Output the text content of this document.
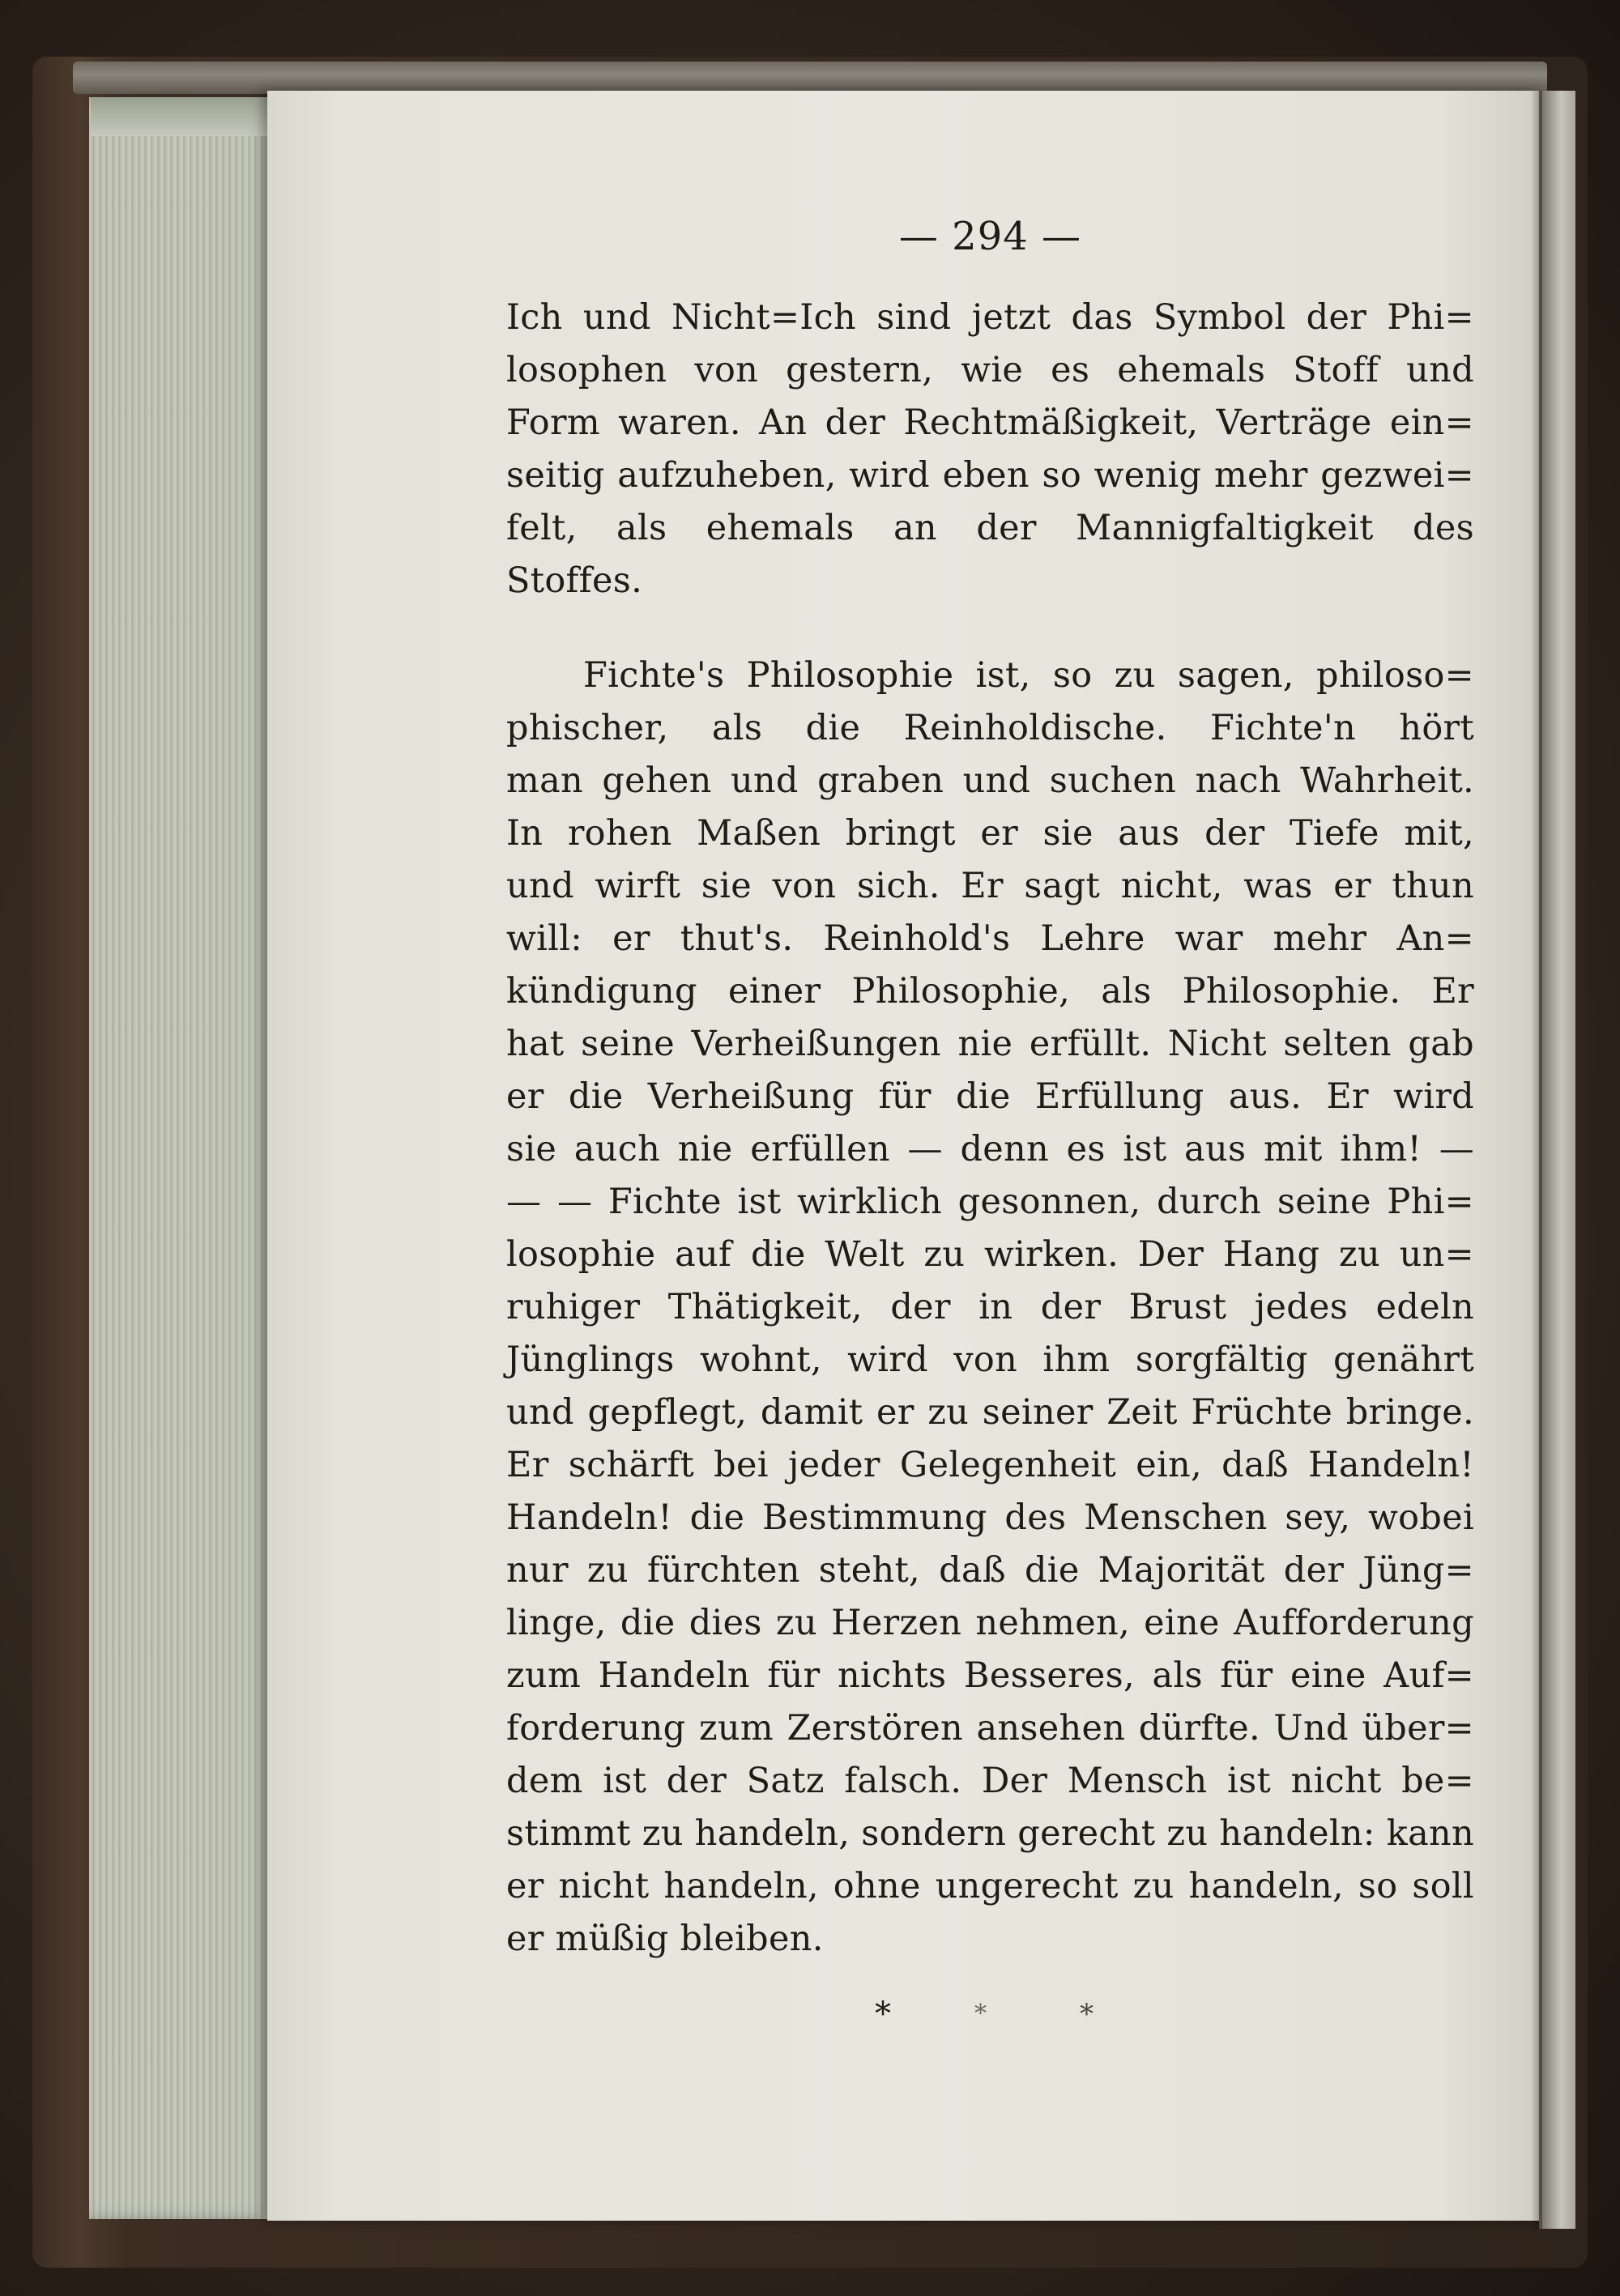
— 294 —
Ich und Nicht=Ich sind jetzt das Symbol der Phi=
losophen von gestern, wie es ehemals Stoff und
Form waren. An der Rechtmäßigkeit, Verträge ein=
seitig aufzuheben, wird eben so wenig mehr gezwei=
felt, als ehemals an der Mannigfaltigkeit des
Stoffes.
Fichte's Philosophie ist, so zu sagen, philoso=
phischer, als die Reinholdische. Fichte'n hört
man gehen und graben und suchen nach Wahrheit.
In rohen Maßen bringt er sie aus der Tiefe mit,
und wirft sie von sich. Er sagt nicht, was er thun
will: er thut's. Reinhold's Lehre war mehr An=
kündigung einer Philosophie, als Philosophie. Er
hat seine Verheißungen nie erfüllt. Nicht selten gab
er die Verheißung für die Erfüllung aus. Er wird
sie auch nie erfüllen — denn es ist aus mit ihm! —
— — Fichte ist wirklich gesonnen, durch seine Phi=
losophie auf die Welt zu wirken. Der Hang zu un=
ruhiger Thätigkeit, der in der Brust jedes edeln
Jünglings wohnt, wird von ihm sorgfältig genährt
und gepflegt, damit er zu seiner Zeit Früchte bringe.
Er schärft bei jeder Gelegenheit ein, daß Handeln!
Handeln! die Bestimmung des Menschen sey, wobei
nur zu fürchten steht, daß die Majorität der Jüng=
linge, die dies zu Herzen nehmen, eine Aufforderung
zum Handeln für nichts Besseres, als für eine Auf=
forderung zum Zerstören ansehen dürfte. Und über=
dem ist der Satz falsch. Der Mensch ist nicht be=
stimmt zu handeln, sondern gerecht zu handeln: kann
er nicht handeln, ohne ungerecht zu handeln, so soll
er müßig bleiben.
*	*	*
